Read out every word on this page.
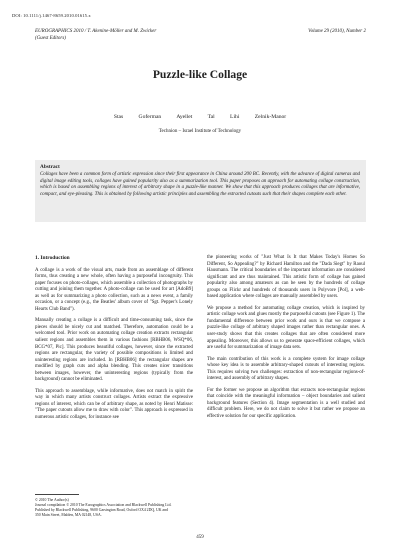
DOI: 10.1111/j.1467-8659.2010.01615.x
EUROGRAPHICS 2010 / T. Akenine-Möller and M. Zwicker
(Guest Editors)
Volume 29 (2010), Number 2
Puzzle-like Collage
Stas Goferman	Ayellet Tal	Lihi Zelnik-Manor
Technion – Israel Institute of Technology
Abstract
Collages have been a common form of artistic expression since their first appearance in China around 200 BC. Recently, with the advance of digital cameras and digital image editing tools, collages have gained popularity also as a summarization tool. This paper proposes an approach for automating collage construction, which is based on assembling regions of interest of arbitrary shape in a puzzle-like manner. We show that this approach produces collages that are informative, compact, and eye-pleasing. This is obtained by following artistic principles and assembling the extracted cutouts such that their shapes complete each other.
1. Introduction

A collage is a work of the visual arts, made from an assemblage of different forms, thus creating a new whole, often having a purposeful incongruity. This paper focuses on photo-collages, which assemble a collection of photographs by cutting and joining them together. A photo-collage can be used for art [AdoB9] as well as for summarizing a photo collection, such as a news event, a family occasion, or a concept (e.g., the Beatles' album cover of "Sgt. Pepper's Lonely Hearts Club Band").

Manually creating a collage is a difficult and time-consuming task, since the pieces should be nicely cut and matched. Therefore, automation could be a welcomed tool. Prior work on automating collage creation extracts rectangular salient regions and assembles them in various fashions [RBHB06, WSQ*06, BCG*07, Pic]. This produces beautiful collages, however, since the extracted regions are rectangular, the variety of possible compositions is limited and uninteresting regions are included. In [RBHB06] the rectangular shapes are modified by graph cuts and alpha blending. This creates nicer transitions between images, however, the uninteresting regions (typically from the background) cannot be eliminated.

This approach to assemblage, while informative, does not match in spirit the way in which many artists construct collages. Artists extract the expressive regions of interest, which can be of arbitrary shape, as noted by Henri Matisse: "The paper cutouts allow me to draw with color". This approach is expressed in numerous artistic collages, for instance see

the pioneering works of "Just What Is It that Makes Today's Homes So Different, So Appealing?" by Richard Hamilton and the "Dada Siegt" by Raoul Hausmann. The critical boundaries of the important information are considered significant and are thus maintained. This artistic form of collage has gained popularity also among amateurs as can be seen by the hundreds of collage groups on Flickr and hundreds of thousands users in Polyvore [Pol], a web-based application where collages are manually assembled by users.

We propose a method for automating collage creation, which is inspired by artistic collage work and glues mostly the purposeful cutouts (see Figure 1). The fundamental difference between prior work and ours is that we compose a puzzle-like collage of arbitrary shaped images rather than rectangular ones. A user-study shows that this creates collages that are often considered more appealing. Moreover, this allows us to generate space-efficient collages, which are useful for summarization of image data sets.

The main contribution of this work is a complete system for image collage whose key idea is to assemble arbitrary-shaped cutouts of interesting regions. This requires solving two challenges: extraction of non-rectangular regions-of-interest, and assembly of arbitrary shapes.

For the former we propose an algorithm that extracts non-rectangular regions that coincide with the meaningful information – object boundaries and salient background features (Section 4). Image segmentation is a well studied and difficult problem. Here, we do not claim to solve it but rather we propose an effective solution for our specific application.

© 2010 The Author(s)
Journal compilation © 2010 The Eurographics Association and Blackwell Publishing Ltd.
Published by Blackwell Publishing, 9600 Garsington Road, Oxford OX4 2DQ, UK and
350 Main Street, Malden, MA 02148, USA.
459
